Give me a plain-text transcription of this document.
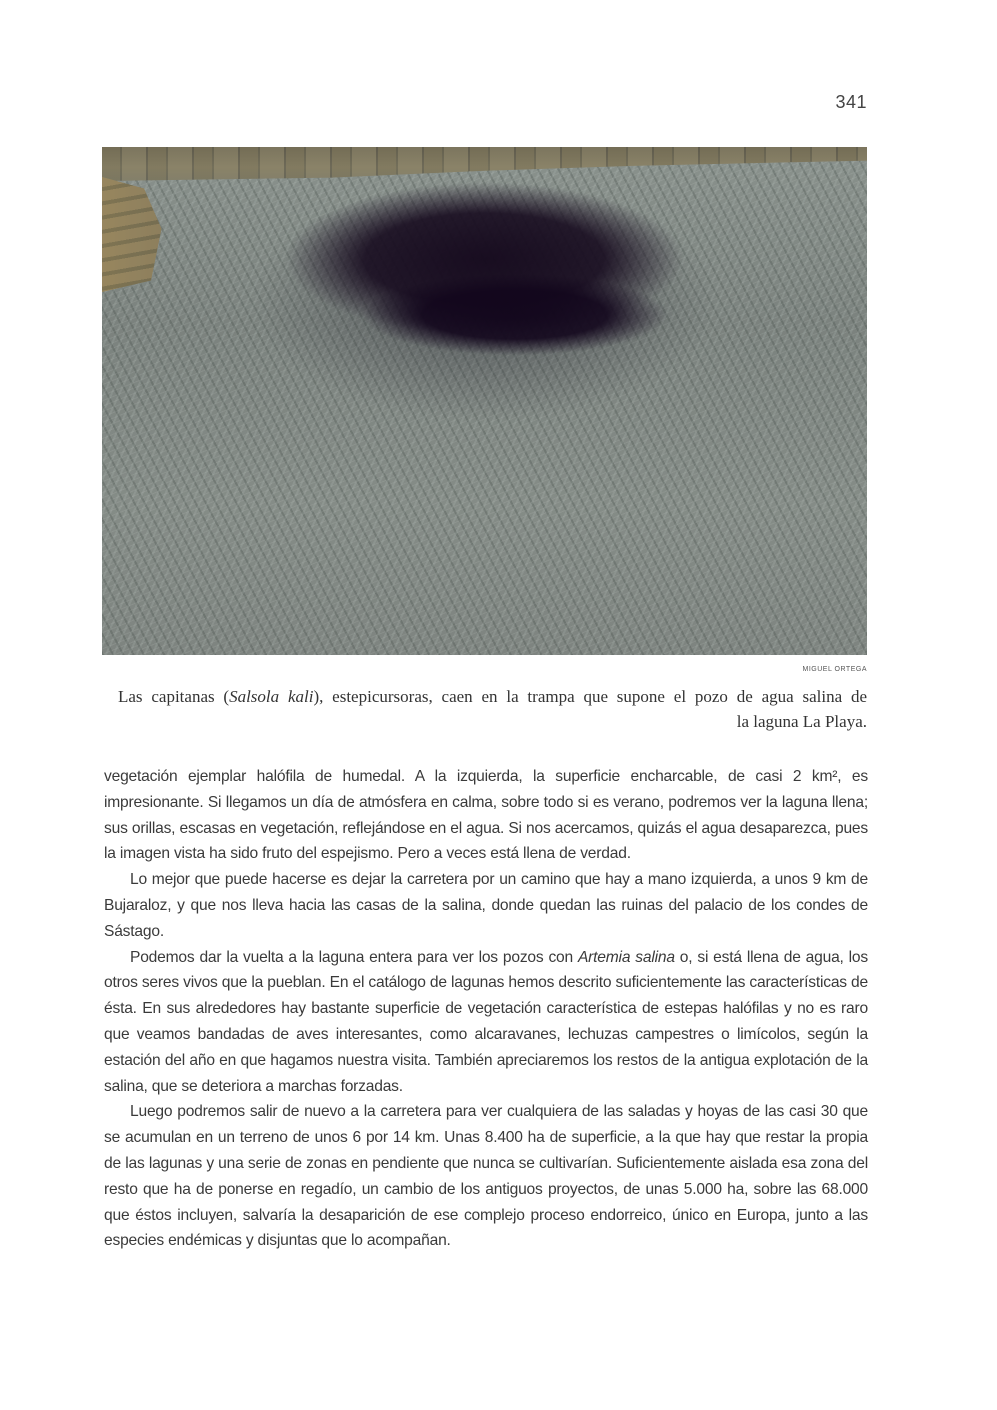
341
MIGUEL ORTEGA
Las capitanas (Salsola kali), estepicursoras, caen en la trampa que supone el pozo de agua salina de
la laguna La Playa.

vegetación ejemplar halófila de humedal. A la izquierda, la superficie encharcable, de casi 2 km², es impresionante. Si llegamos un día de atmósfera en calma, sobre todo si es verano, podremos ver la laguna llena; sus orillas, escasas en vegetación, reflejándose en el agua. Si nos acercamos, quizás el agua desaparezca, pues la imagen vista ha sido fruto del espejismo. Pero a veces está llena de verdad.

Lo mejor que puede hacerse es dejar la carretera por un camino que hay a mano izquierda, a unos 9 km de Bujaraloz, y que nos lleva hacia las casas de la salina, donde quedan las ruinas del palacio de los condes de Sástago.

Podemos dar la vuelta a la laguna entera para ver los pozos con Artemia salina o, si está llena de agua, los otros seres vivos que la pueblan. En el catálogo de lagunas hemos descrito suficientemente las características de ésta. En sus alrededores hay bastante superficie de vegetación característica de estepas halófilas y no es raro que veamos bandadas de aves interesantes, como alcaravanes, lechuzas campestres o limícolos, según la estación del año en que hagamos nuestra visita. También apreciaremos los restos de la antigua explotación de la salina, que se deteriora a marchas forzadas.

Luego podremos salir de nuevo a la carretera para ver cualquiera de las saladas y hoyas de las casi 30 que se acumulan en un terreno de unos 6 por 14 km. Unas 8.400 ha de superficie, a la que hay que restar la propia de las lagunas y una serie de zonas en pendiente que nunca se cultivarían. Suficientemente aislada esa zona del resto que ha de ponerse en regadío, un cambio de los antiguos proyectos, de unas 5.000 ha, sobre las 68.000 que éstos incluyen, salvaría la desaparición de ese complejo proceso endorreico, único en Europa, junto a las especies endémicas y disjuntas que lo acompañan.
